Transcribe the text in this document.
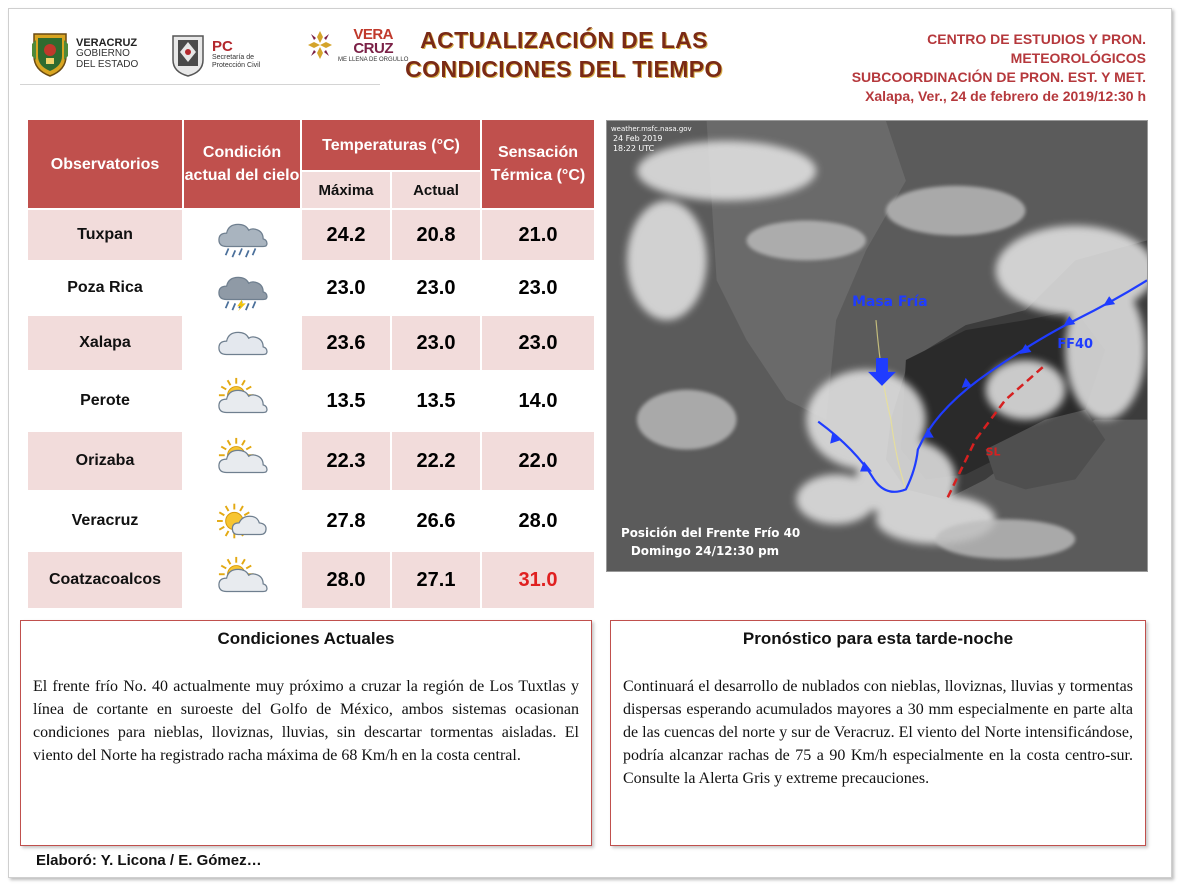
VERACRUZ
GOBIERNO
DEL ESTADO
PC
Secretaría de
Protección Civil
VERA
CRUZ
ME LLENA DE ORGULLO
ACTUALIZACIÓN DE LAS
CONDICIONES DEL TIEMPO
CENTRO DE ESTUDIOS Y PRON.
METEOROLÓGICOS
SUBCOORDINACIÓN DE PRON. EST. Y MET.
Xalapa, Ver., 24 de febrero de 2019/12:30 h
Observatorios	Condición actual del cielo	Temperaturas (°C)		Sensación Térmica (°C)
		Máxima	Actual	
Tuxpan		24.2	20.8	21.0
Poza Rica		23.0	23.0	23.0
Xalapa		23.6	23.0	23.0
Perote		13.5	13.5	14.0
Orizaba		22.3	22.2	22.0
Veracruz		27.8	26.6	28.0
Coatzacoalcos		28.0	27.1	31.0
weather.msfc.nasa.gov
24 Feb 2019
18:22 UTC
Masa Fría
FF40
SL
Posición del Frente Frío 40
Domingo 24/12:30 pm
Condiciones Actuales

El frente frío No. 40 actualmente muy próximo a cruzar la región de Los Tuxtlas y línea de cortante en suroeste del Golfo de México, ambos sistemas ocasionan condiciones para nieblas, lloviznas, lluvias, sin descartar tormentas aisladas. El viento del Norte ha registrado racha máxima de 68 Km/h en la costa central.

Pronóstico para esta tarde-noche

Continuará el desarrollo de nublados con nieblas, lloviznas, lluvias y tormentas dispersas esperando acumulados mayores a 30 mm especialmente en parte alta de las cuencas del norte y sur de Veracruz. El viento del Norte intensificándose, podría alcanzar rachas de 75 a 90 Km/h especialmente en la costa centro-sur. Consulte la Alerta Gris y extreme precauciones.

Elaboró: Y. Licona / E. Gómez…
